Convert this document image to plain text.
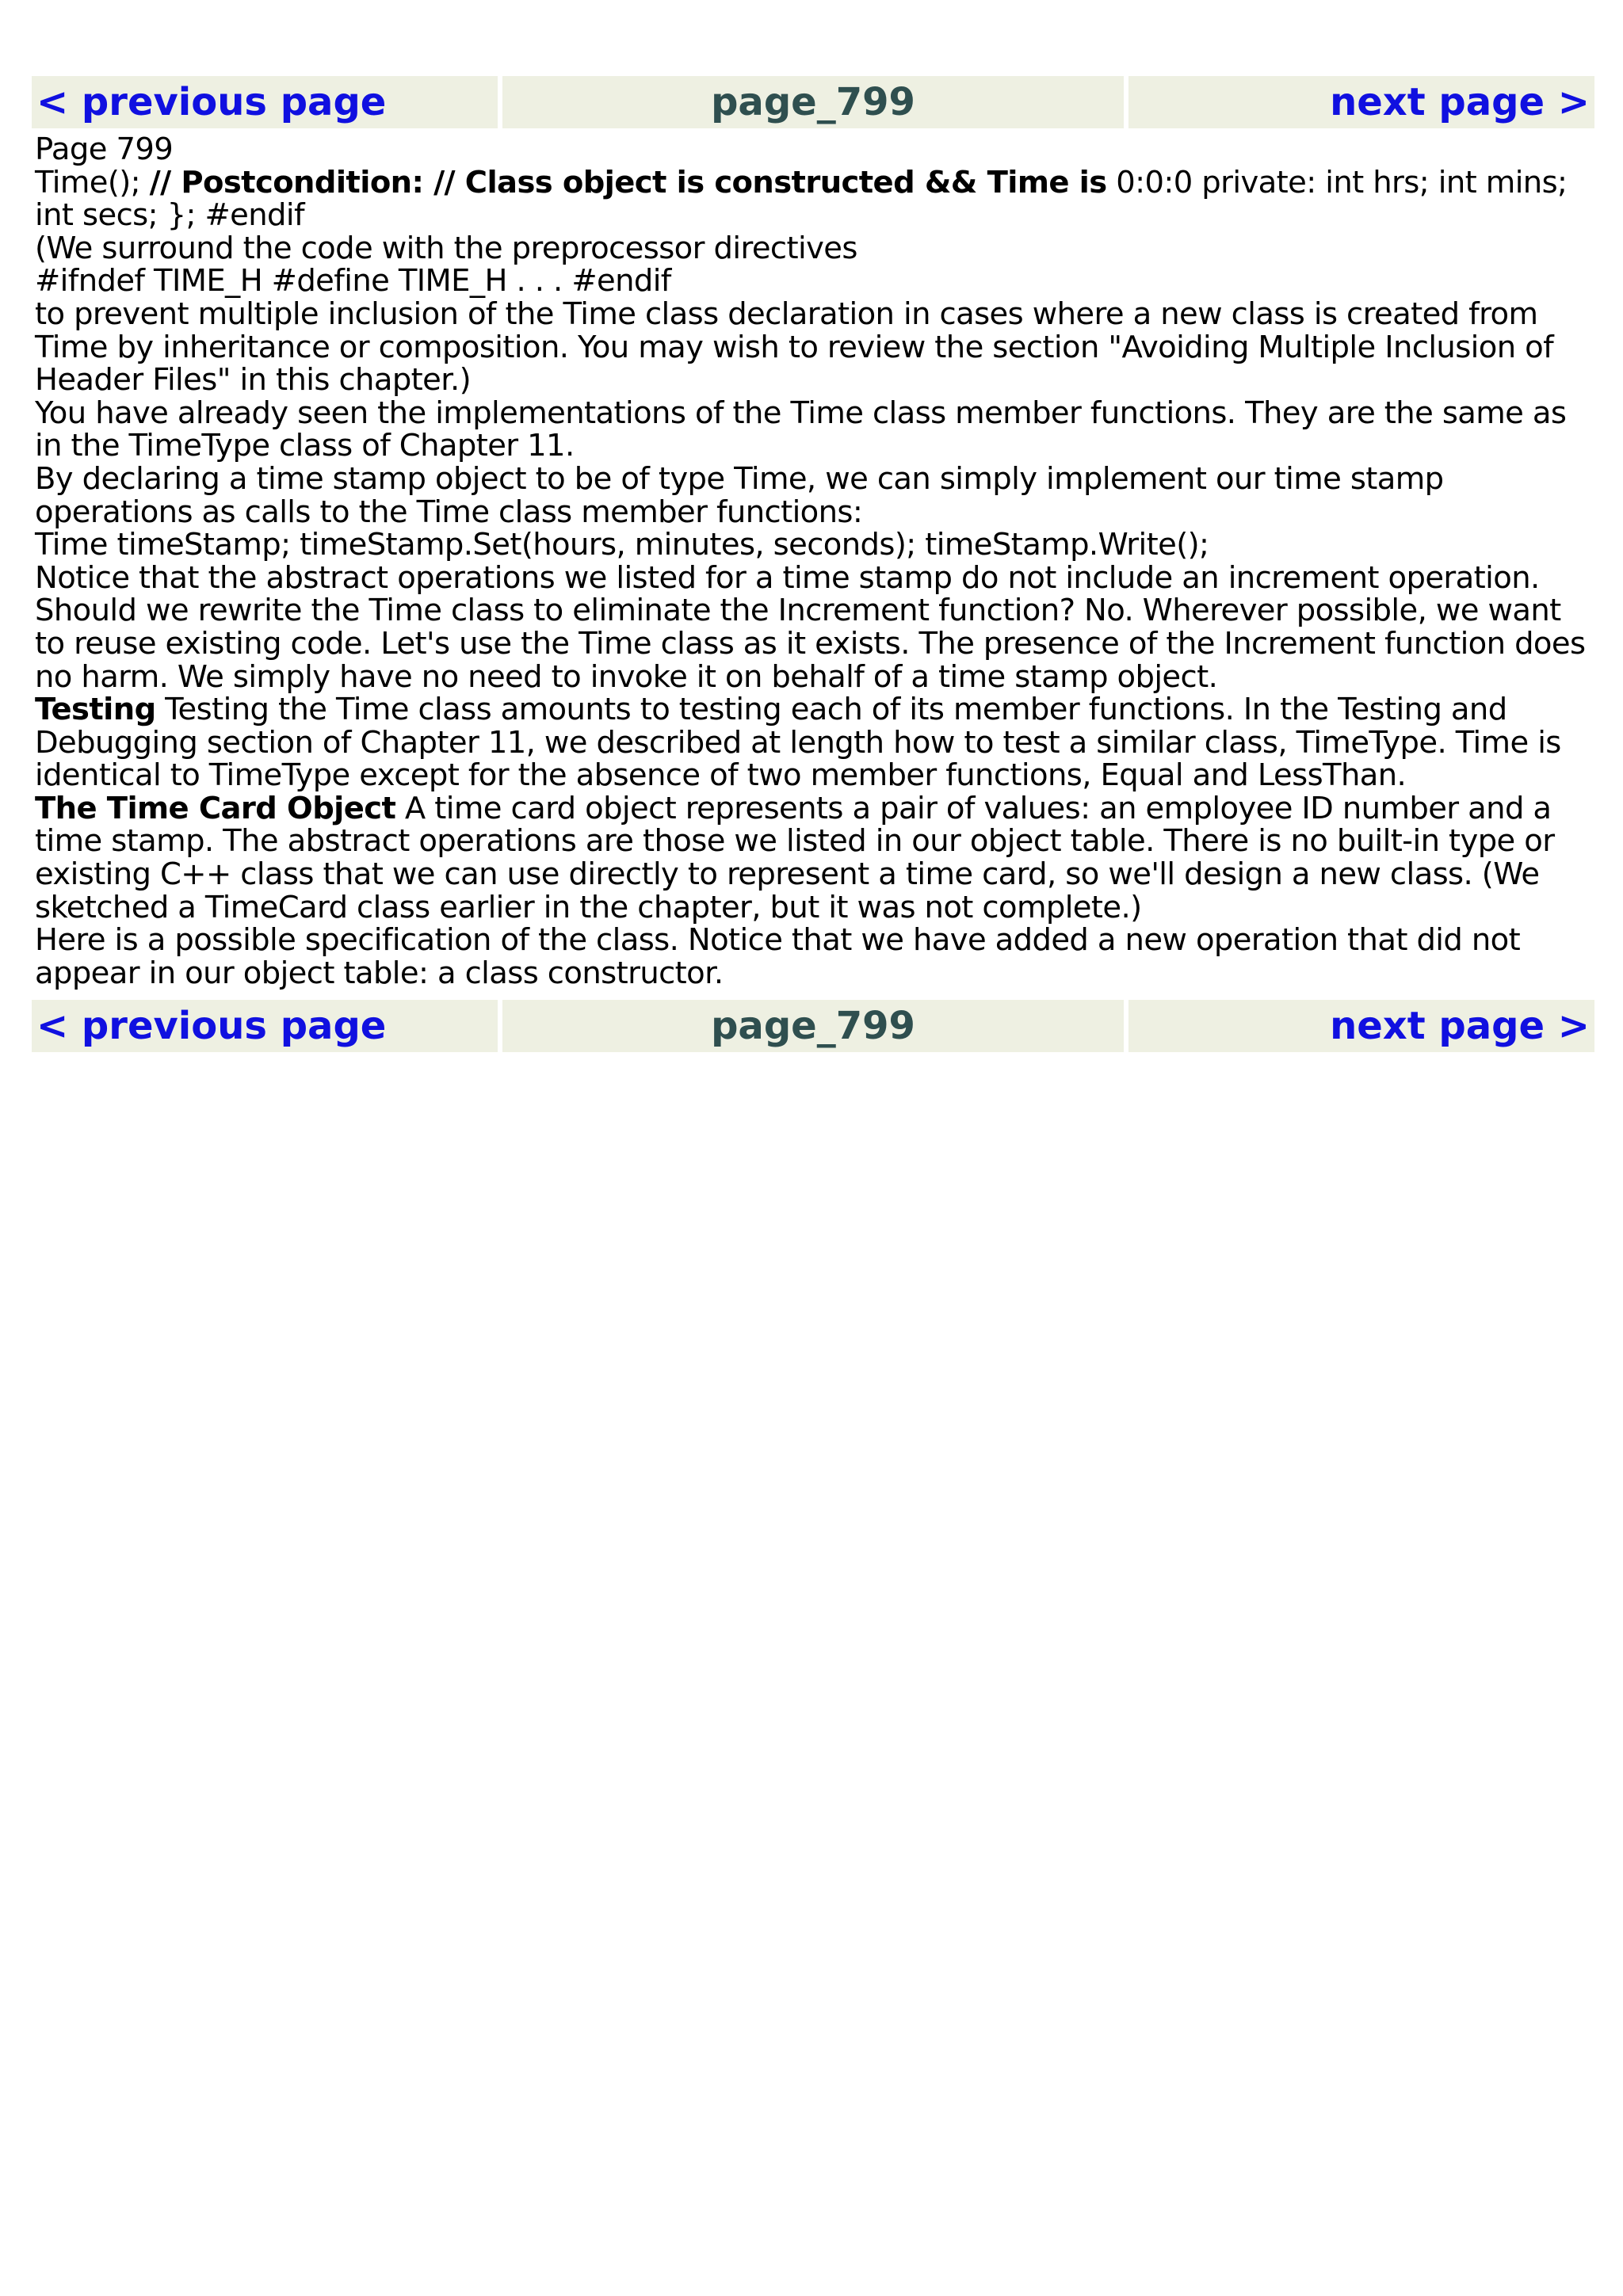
< previous page	page_799	next page >

Page 799

Time(); // Postcondition: // Class object is constructed && Time is 0:0:0 private: int hrs; int mins; int secs; }; #endif

(We surround the code with the preprocessor directives

#ifndef TIME_H #define TIME_H . . . #endif

to prevent multiple inclusion of the Time class declaration in cases where a new class is created from Time by inheritance or composition. You may wish to review the section "Avoiding Multiple Inclusion of Header Files" in this chapter.)

You have already seen the implementations of the Time class member functions. They are the same as in the TimeType class of Chapter 11.

By declaring a time stamp object to be of type Time, we can simply implement our time stamp operations as calls to the Time class member functions:

Time timeStamp; timeStamp.Set(hours, minutes, seconds); timeStamp.Write();

Notice that the abstract operations we listed for a time stamp do not include an increment operation. Should we rewrite the Time class to eliminate the Increment function? No. Wherever possible, we want to reuse existing code. Let's use the Time class as it exists. The presence of the Increment function does no harm. We simply have no need to invoke it on behalf of a time stamp object.

Testing Testing the Time class amounts to testing each of its member functions. In the Testing and Debugging section of Chapter 11, we described at length how to test a similar class, TimeType. Time is identical to TimeType except for the absence of two member functions, Equal and LessThan.

The Time Card Object A time card object represents a pair of values: an employee ID number and a time stamp. The abstract operations are those we listed in our object table. There is no built-in type or existing C++ class that we can use directly to represent a time card, so we'll design a new class. (We sketched a TimeCard class earlier in the chapter, but it was not complete.)

Here is a possible specification of the class. Notice that we have added a new operation that did not appear in our object table: a class constructor.

< previous page	page_799	next page >
